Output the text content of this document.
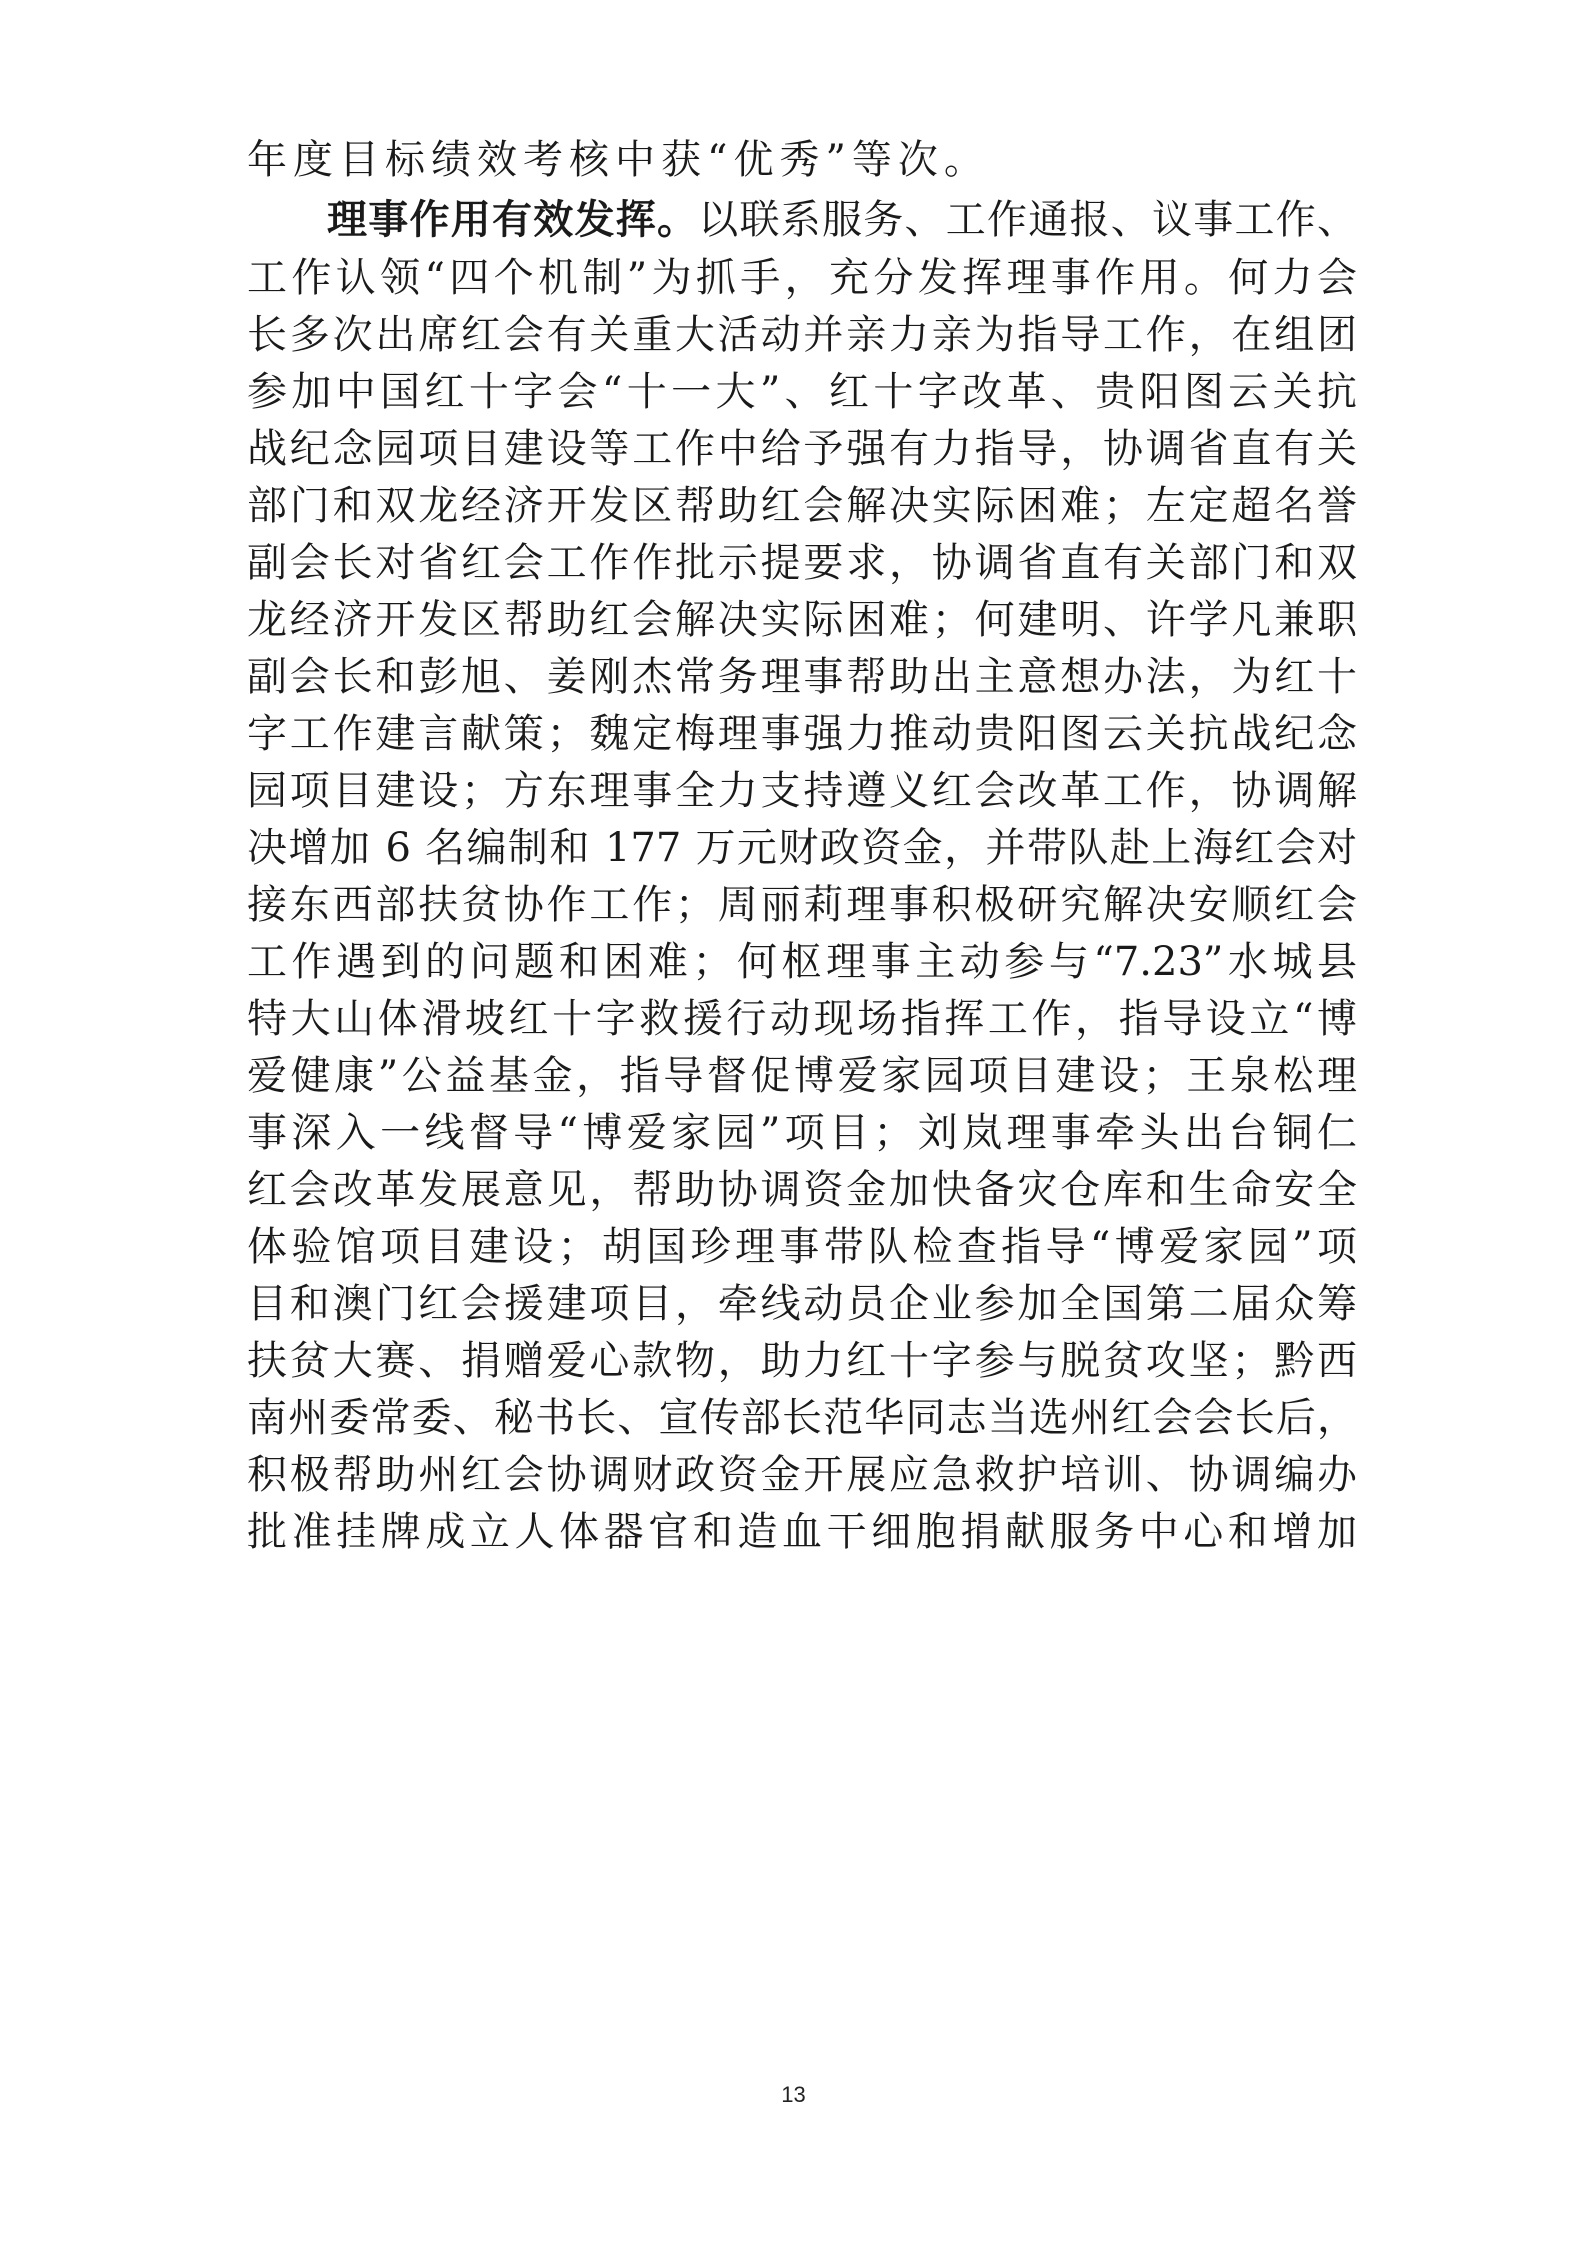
年度目标绩效考核中获“优秀”等次。
理事作用有效发挥。以联系服务、工作通报、议事工作、
工作认领“四个机制”为抓手，充分发挥理事作用。何力会
长多次出席红会有关重大活动并亲力亲为指导工作，在组团
参加中国红十字会“十一大”、红十字改革、贵阳图云关抗
战纪念园项目建设等工作中给予强有力指导，协调省直有关
部门和双龙经济开发区帮助红会解决实际困难；左定超名誉
副会长对省红会工作作批示提要求，协调省直有关部门和双
龙经济开发区帮助红会解决实际困难；何建明、许学凡兼职
副会长和彭旭、姜刚杰常务理事帮助出主意想办法，为红十
字工作建言献策；魏定梅理事强力推动贵阳图云关抗战纪念
园项目建设；方东理事全力支持遵义红会改革工作，协调解
决增加 6 名编制和 177 万元财政资金，并带队赴上海红会对
接东西部扶贫协作工作；周丽莉理事积极研究解决安顺红会
工作遇到的问题和困难；何枢理事主动参与“7.23”水城县
特大山体滑坡红十字救援行动现场指挥工作，指导设立“博
爱健康”公益基金，指导督促博爱家园项目建设；王泉松理
事深入一线督导“博爱家园”项目；刘岚理事牵头出台铜仁
红会改革发展意见，帮助协调资金加快备灾仓库和生命安全
体验馆项目建设；胡国珍理事带队检查指导“博爱家园”项
目和澳门红会援建项目，牵线动员企业参加全国第二届众筹
扶贫大赛、捐赠爱心款物，助力红十字参与脱贫攻坚；黔西
南州委常委、秘书长、宣传部长范华同志当选州红会会长后，
积极帮助州红会协调财政资金开展应急救护培训、协调编办
批准挂牌成立人体器官和造血干细胞捐献服务中心和增加
13
